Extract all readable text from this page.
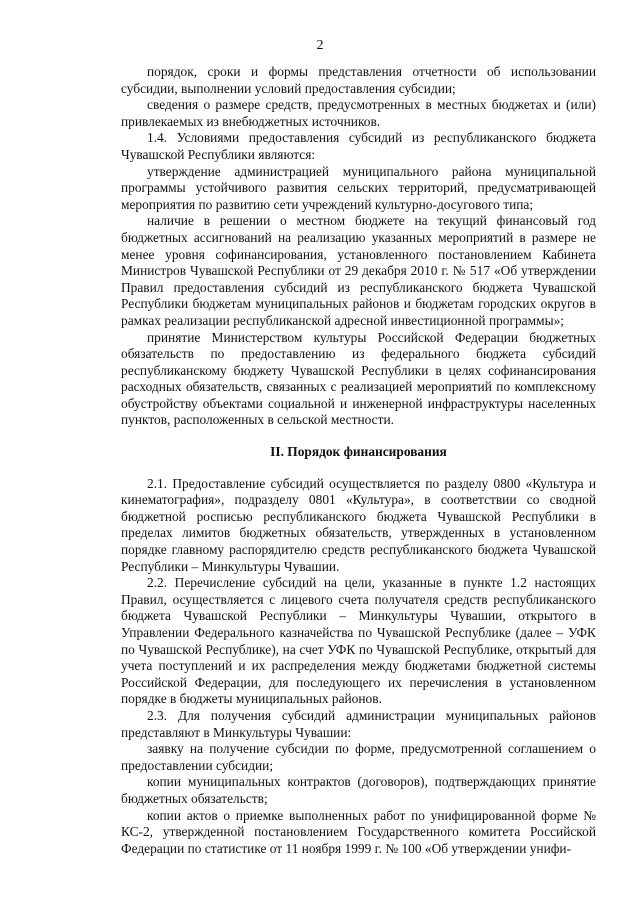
2

порядок, сроки и формы представления отчетности об использовании субсидии, выполнении условий предоставления субсидии;

сведения о размере средств, предусмотренных в местных бюджетах и (или) привлекаемых из внебюджетных источников.

1.4. Условиями предоставления субсидий из республиканского бюджета Чувашской Республики являются:

утверждение администрацией муниципального района муниципальной программы устойчивого развития сельских территорий, предусматривающей мероприятия по развитию сети учреждений культурно-досугового типа;

наличие в решении о местном бюджете на текущий финансовый год бюджетных ассигнований на реализацию указанных мероприятий в размере не менее уровня софинансирования, установленного постановлением Кабинета Министров Чувашской Республики от 29 декабря 2010 г. № 517 «Об утверждении Правил предоставления субсидий из республиканского бюджета Чувашской Республики бюджетам муниципальных районов и бюджетам городских округов в рамках реализации республиканской адресной инвестиционной программы»;

принятие Министерством культуры Российской Федерации бюджетных обязательств по предоставлению из федерального бюджета субсидий республиканскому бюджету Чувашской Республики в целях софинансирования расходных обязательств, связанных с реализацией мероприятий по комплексному обустройству объектами социальной и инженерной инфраструктуры населенных пунктов, расположенных в сельской местности.

II. Порядок финансирования

2.1. Предоставление субсидий осуществляется по разделу 0800 «Культура и кинематография», подразделу 0801 «Культура», в соответствии со сводной бюджетной росписью республиканского бюджета Чувашской Республики в пределах лимитов бюджетных обязательств, утвержденных в установленном порядке главному распорядителю средств республиканского бюджета Чувашской Республики – Минкультуры Чувашии.

2.2. Перечисление субсидий на цели, указанные в пункте 1.2 настоящих Правил, осуществляется с лицевого счета получателя средств республиканского бюджета Чувашской Республики – Минкультуры Чувашии, открытого в Управлении Федерального казначейства по Чувашской Республике (далее – УФК по Чувашской Республике), на счет УФК по Чувашской Республике, открытый для учета поступлений и их распределения между бюджетами бюджетной системы Российской Федерации, для последующего их перечисления в установленном порядке в бюджеты муниципальных районов.

2.3. Для получения субсидий администрации муниципальных районов представляют в Минкультуры Чувашии:

заявку на получение субсидии по форме, предусмотренной соглашением о предоставлении субсидии;

копии муниципальных контрактов (договоров), подтверждающих принятие бюджетных обязательств;

копии актов о приемке выполненных работ по унифицированной форме № КС-2, утвержденной постановлением Государственного комитета Российской Федерации по статистике от 11 ноября 1999 г. № 100 «Об утверждении унифи-
